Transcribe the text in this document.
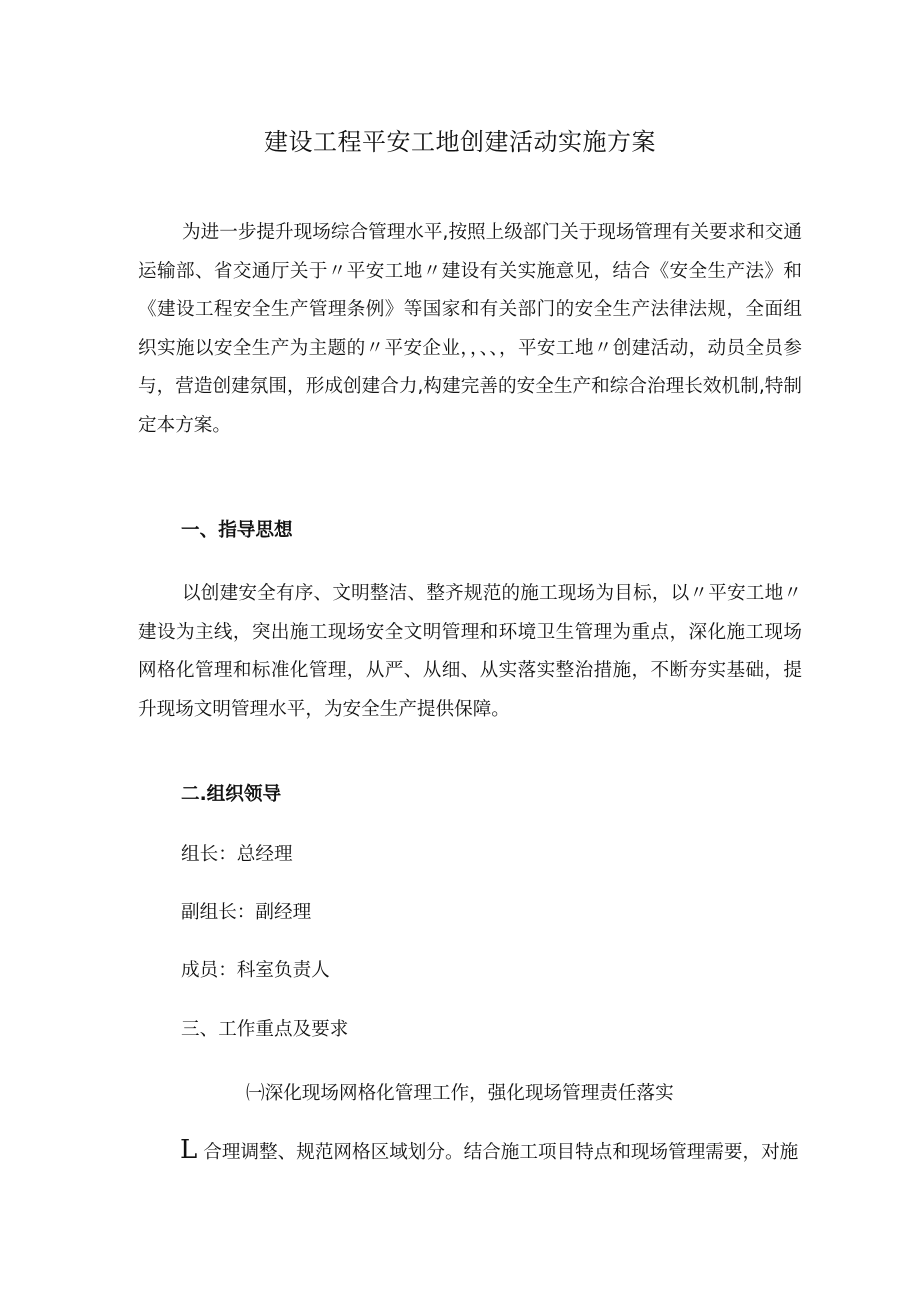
建设工程平安工地创建活动实施方案

为进一步提升现场综合管理水平,按照上级部门关于现场管理有关要求和交通运输部、省交通厅关于〃平安工地〃建设有关实施意见，结合《安全生产法》和《建设工程安全生产管理条例》等国家和有关部门的安全生产法律法规，全面组织实施以安全生产为主题的〃平安企业，，、、，平安工地〃创建活动，动员全员参与，营造创建氛围，形成创建合力,构建完善的安全生产和综合治理长效机制,特制定本方案。

一、指导思想

以创建安全有序、文明整洁、整齐规范的施工现场为目标，以〃平安工地〃建设为主线，突出施工现场安全文明管理和环境卫生管理为重点，深化施工现场网格化管理和标准化管理，从严、从细、从实落实整治措施，不断夯实基础，提升现场文明管理水平，为安全生产提供保障。

二.组织领导
组长：总经理
副组长：副经理
成员：科室负责人
三、工作重点及要求
㈠深化现场网格化管理工作，强化现场管理责任落实
L 合理调整、规范网格区域划分。结合施工项目特点和现场管理需要，对施
